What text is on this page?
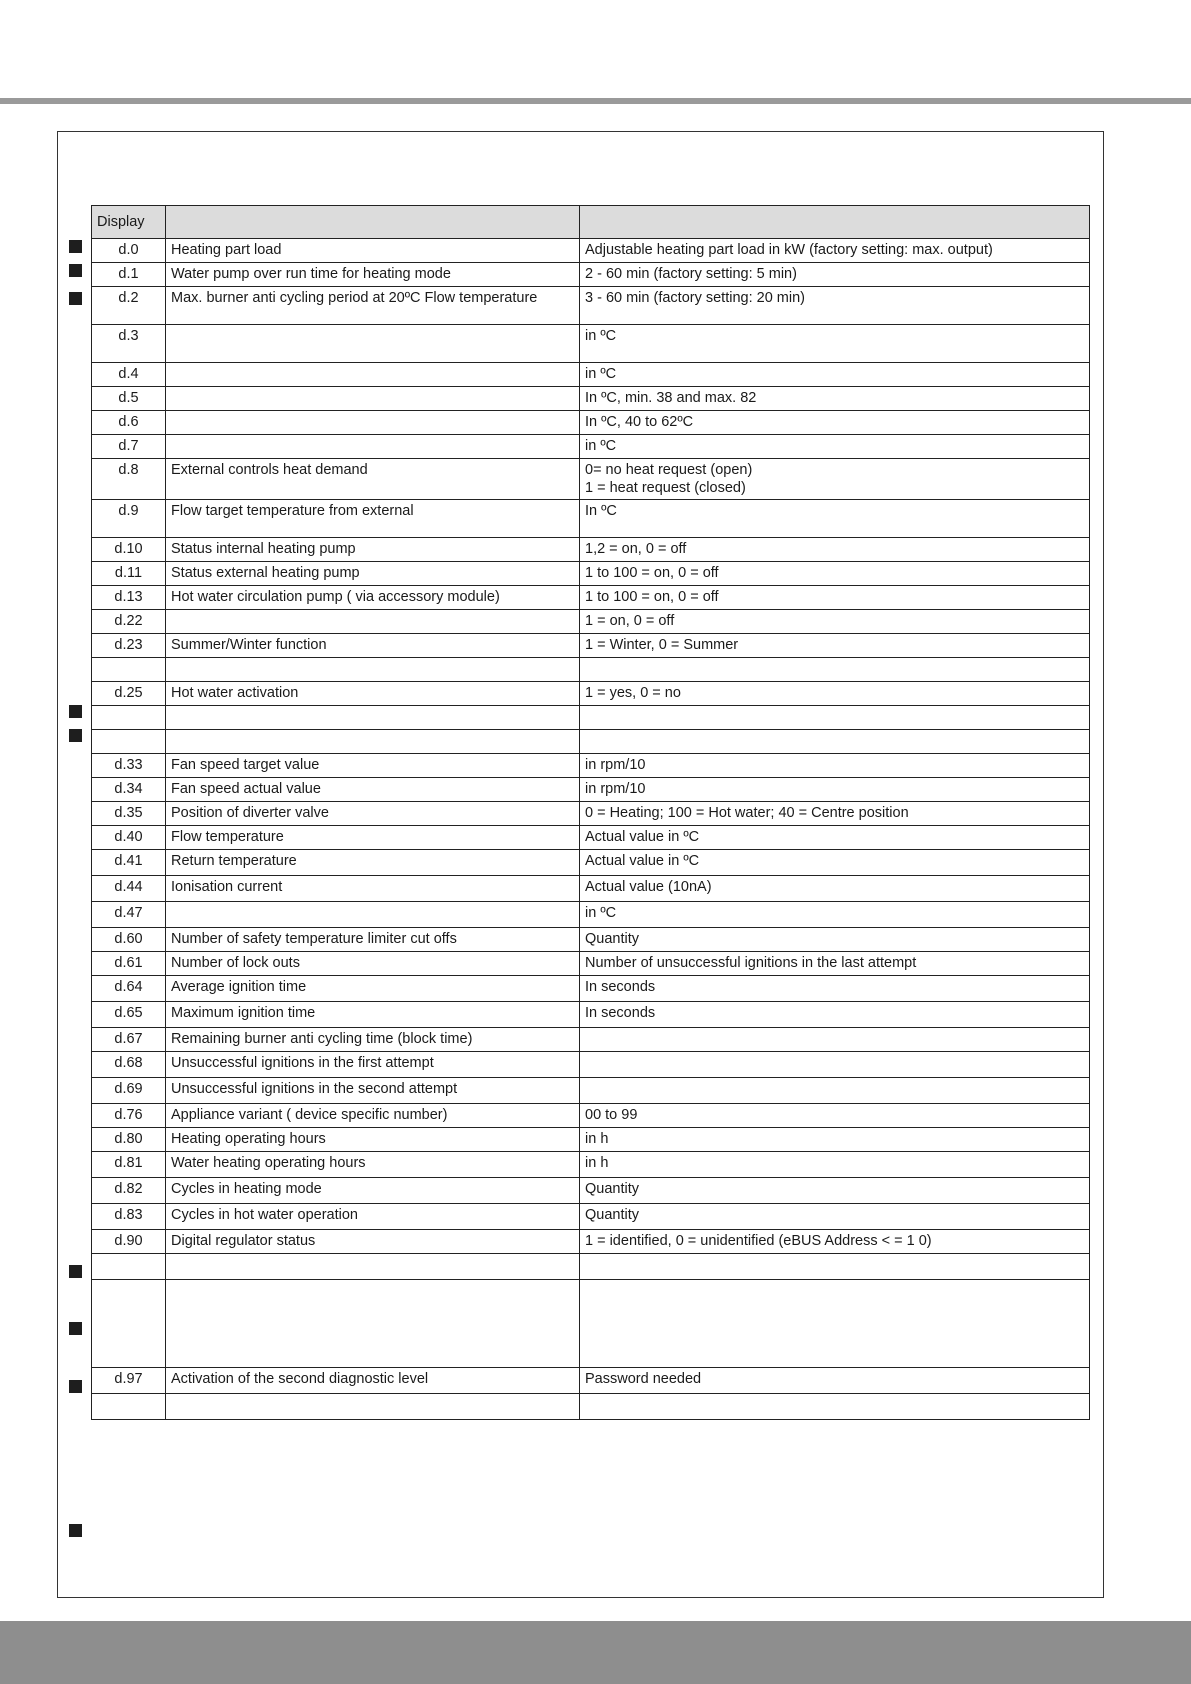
Display		
d.0	Heating part load	Adjustable heating part load in kW (factory setting: max. output)

d.1	Water pump over run time for heating mode	2 - 60 min (factory setting: 5 min)

d.2	Max. burner anti cycling period at 20ºC Flow temperature	3 - 60 min (factory setting: 20 min)

d.3		in ºC

d.4		in ºC

d.5		In ºC, min. 38 and max. 82

d.6		In ºC, 40 to 62ºC

d.7		in ºC

d.8	External controls heat demand	0= no heat request (open)
1 = heat request (closed)

d.9	Flow target temperature from external	In ºC

d.10	Status internal heating pump	1,2 = on, 0 = off

d.11	Status external heating pump	1 to 100 = on, 0 = off

d.13	Hot water circulation pump ( via accessory module)	1 to 100 = on, 0 = off

d.22		1 = on, 0 = off

d.23	Summer/Winter function	1 = Winter, 0 = Summer

d.25	Hot water activation	1 = yes, 0 = no

d.33	Fan speed target value	in rpm/10

d.34	Fan speed actual value	in rpm/10

d.35	Position of diverter valve	0 = Heating; 100 = Hot water; 40 = Centre position

d.40	Flow temperature	Actual value in ºC

d.41	Return temperature	Actual value in ºC

d.44	Ionisation current	Actual value (10nA)

d.47		in ºC

d.60	Number of safety temperature limiter cut offs	Quantity

d.61	Number of lock outs	Number of unsuccessful ignitions in the last attempt

d.64	Average ignition time	In seconds

d.65	Maximum ignition time	In seconds

d.67	Remaining burner anti cycling time (block time)	

d.68	Unsuccessful ignitions in the first attempt	

d.69	Unsuccessful ignitions in the second attempt	

d.76	Appliance variant ( device specific number)	00 to 99

d.80	Heating operating hours	in h

d.81	Water heating operating hours	in h

d.82	Cycles in heating mode	Quantity

d.83	Cycles in hot water operation	Quantity

d.90	Digital regulator status	1 = identified, 0 = unidentified (eBUS Address < = 1 0)

d.97	Activation of the second diagnostic level	Password needed
